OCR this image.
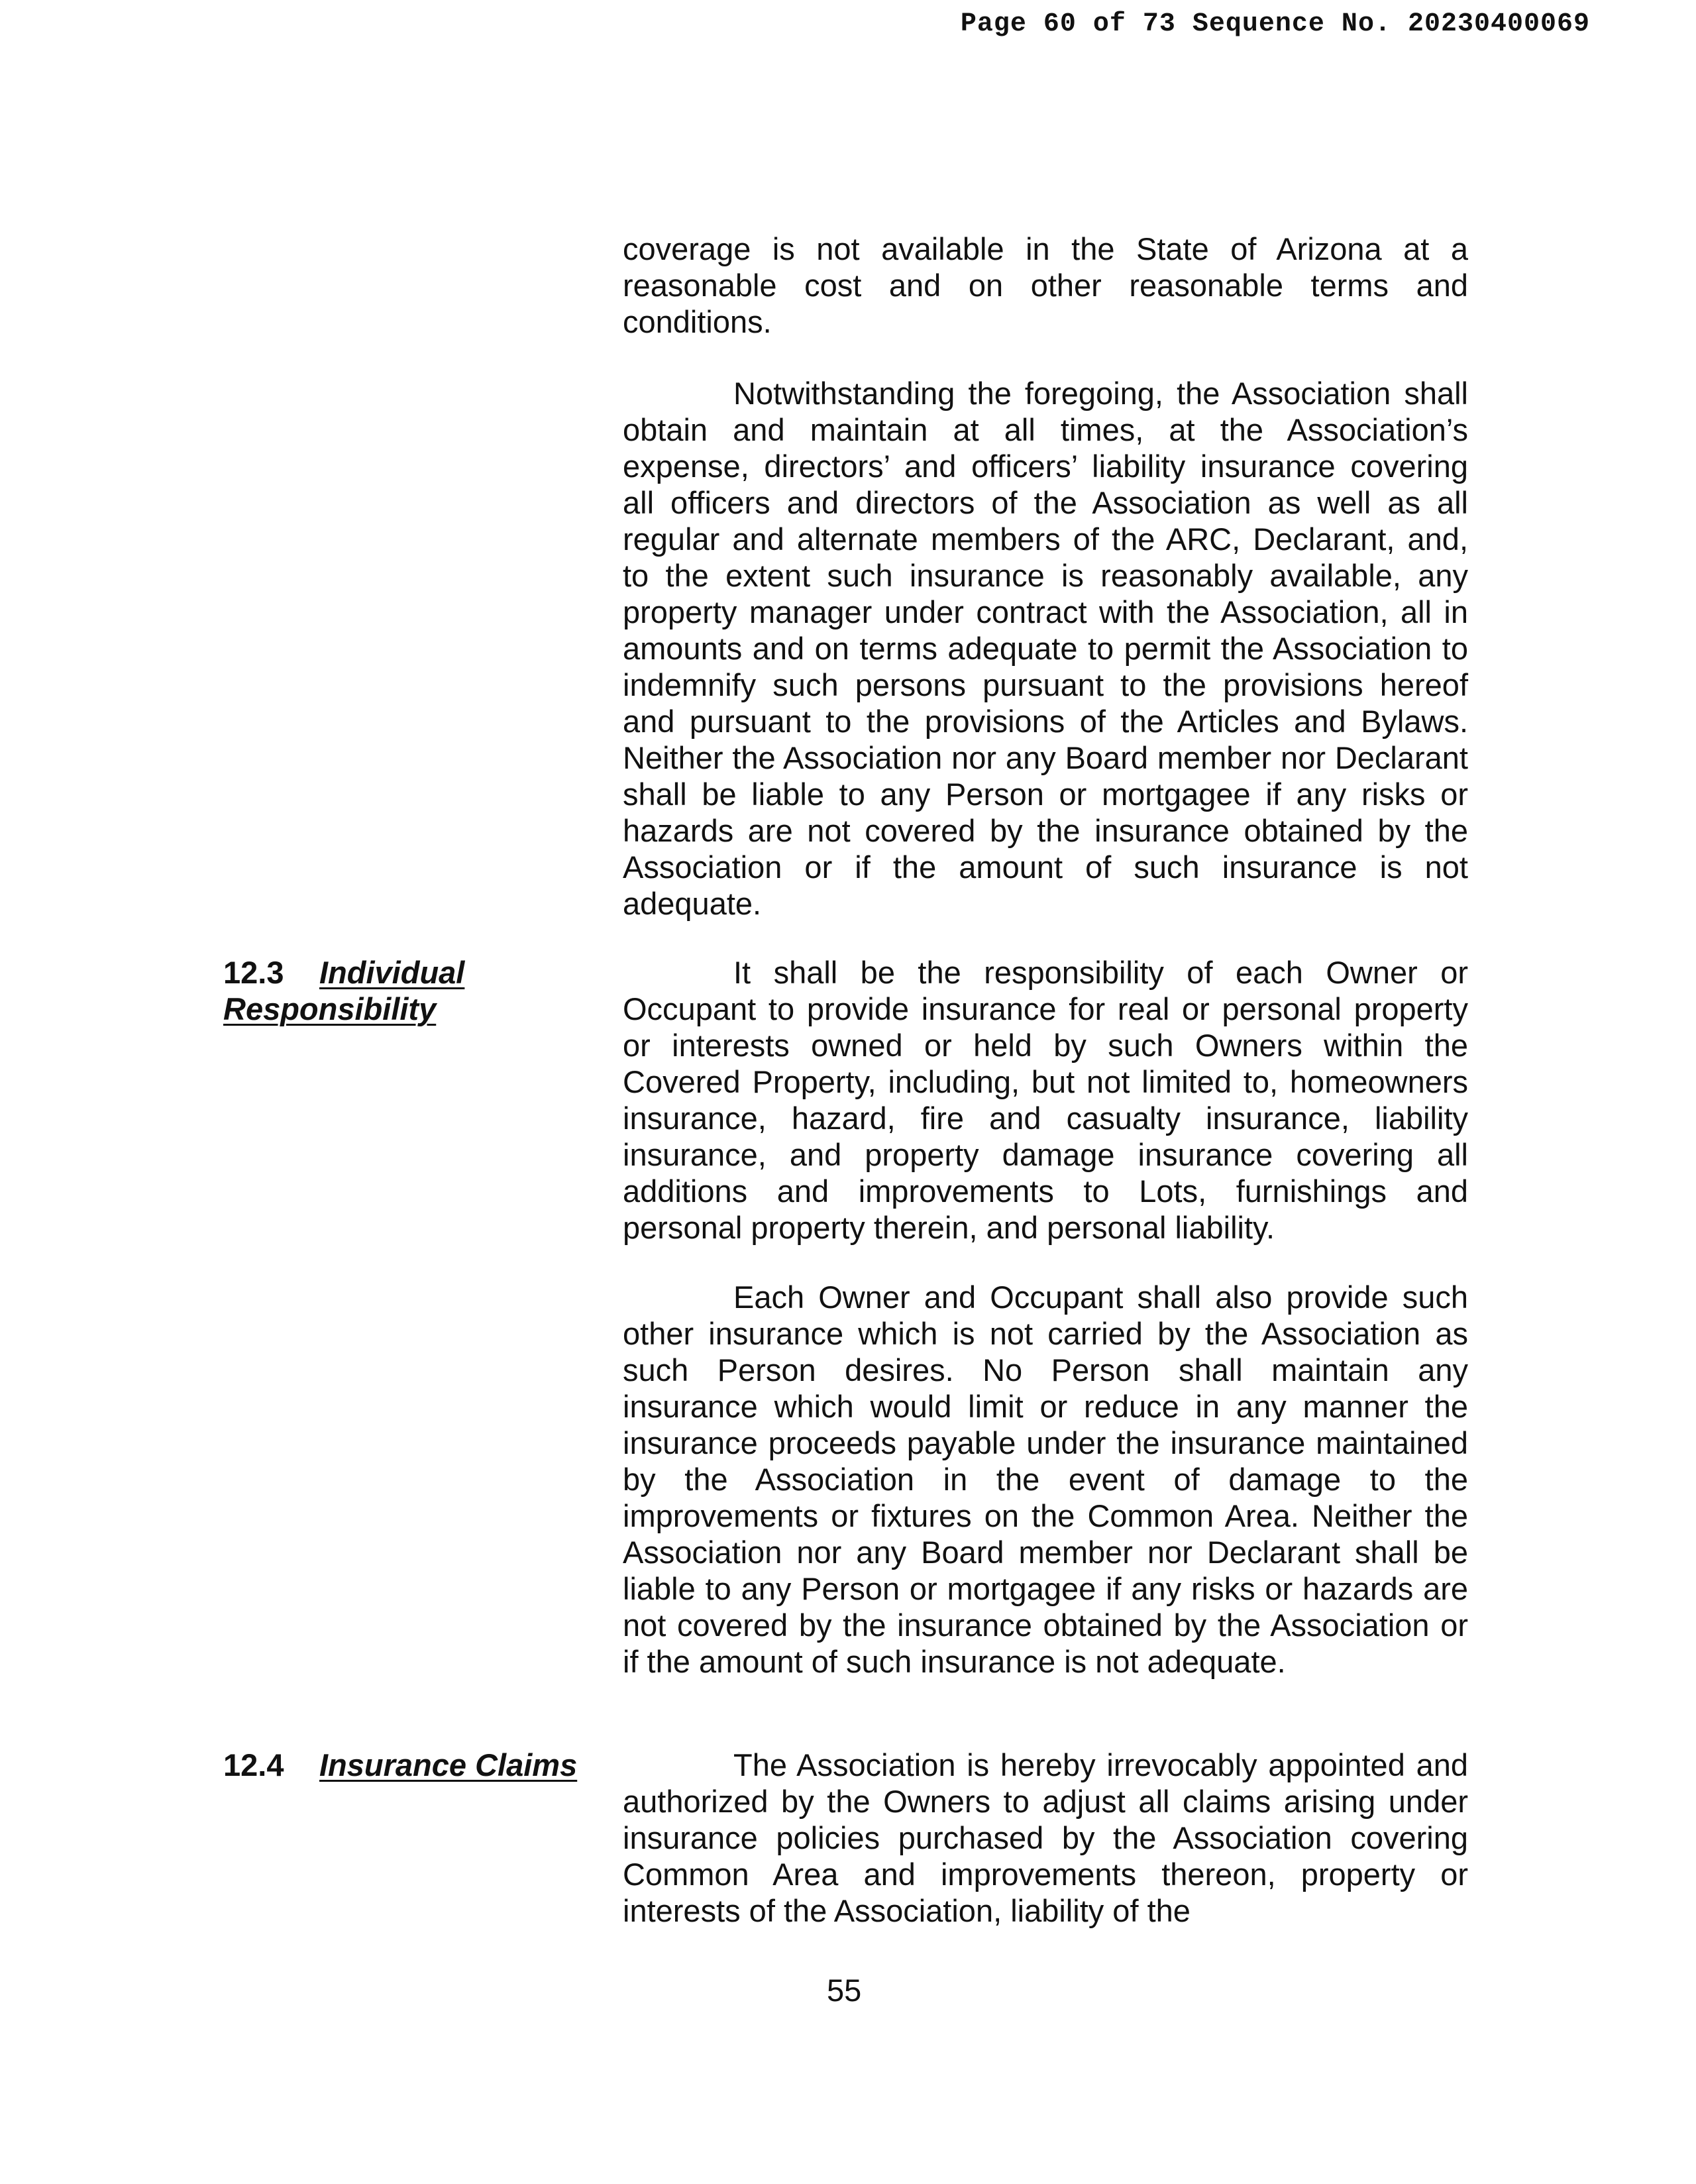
Page 60 of 73 Sequence No. 20230400069

coverage is not available in the State of Arizona at a reasonable cost and on other reasonable terms and conditions.

Notwithstanding the foregoing, the Association shall obtain and maintain at all times, at the Association’s expense, directors’ and officers’ liability insurance covering all officers and directors of the Association as well as all regular and alternate members of the ARC, Declarant, and, to the extent such insurance is reasonably available, any property manager under contract with the Association, all in amounts and on terms adequate to permit the Association to indemnify such persons pursuant to the provisions hereof and pursuant to the provisions of the Articles and Bylaws. Neither the Association nor any Board member nor Declarant shall be liable to any Person or mortgagee if any risks or hazards are not covered by the insurance obtained by the Association or if the amount of such insurance is not adequate.

12.3 Individual
Responsibility

It shall be the responsibility of each Owner or Occupant to provide insurance for real or personal property or interests owned or held by such Owners within the Covered Property, including, but not limited to, homeowners insurance, hazard, fire and casualty insurance, liability insurance, and property damage insurance covering all additions and improvements to Lots, furnishings and personal property therein, and personal liability.

Each Owner and Occupant shall also provide such other insurance which is not carried by the Association as such Person desires. No Person shall maintain any insurance which would limit or reduce in any manner the insurance proceeds payable under the insurance maintained by the Association in the event of damage to the improvements or fixtures on the Common Area. Neither the Association nor any Board member nor Declarant shall be liable to any Person or mortgagee if any risks or hazards are not covered by the insurance obtained by the Association or if the amount of such insurance is not adequate.

12.4 Insurance Claims	The Association is hereby irrevocably appointed and authorized by the Owners to adjust all claims arising under insurance policies purchased by the Association covering Common Area and improvements thereon, property or interests of the Association, liability of the

55
